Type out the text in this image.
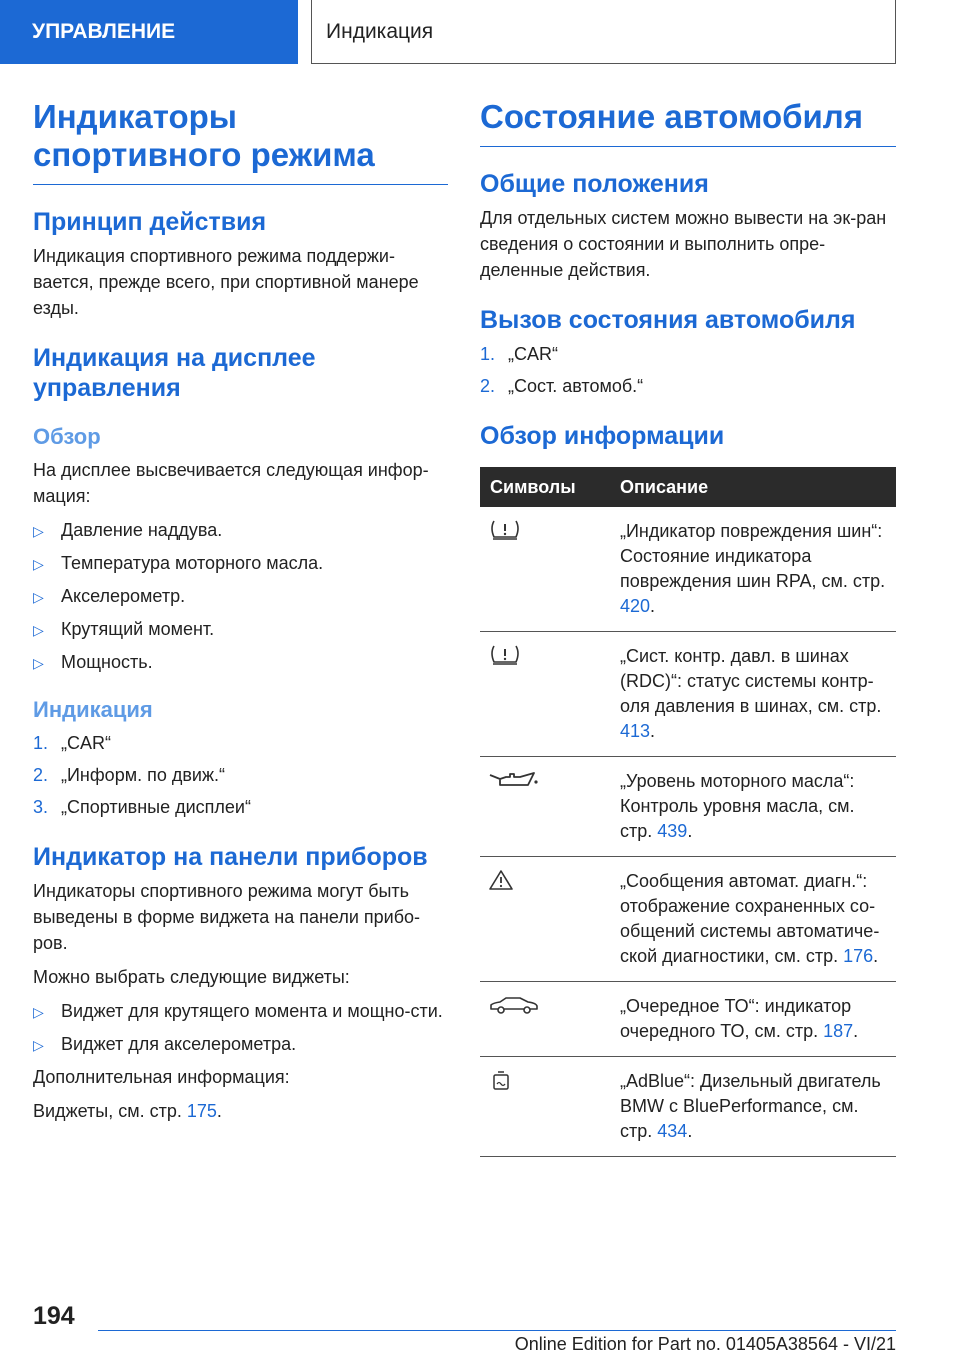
УПРАВЛЕНИЕ	Индикация
Индикаторы спортивного режима
Принцип действия

Индикация спортивного режима поддержи-вается, прежде всего, при спортивной манере езды.

Индикация на дисплее управления
Обзор

На дисплее высвечивается следующая инфор-мация:

▷ Давление наддува.
▷ Температура моторного масла.
▷ Акселерометр.
▷ Крутящий момент.
▷ Мощность.
Индикация
1. „CAR“
2. „Информ. по движ.“
3. „Спортивные дисплеи“
Индикатор на панели приборов

Индикаторы спортивного режима могут быть выведены в форме виджета на панели прибо-ров.

Можно выбрать следующие виджеты:

▷ Виджет для крутящего момента и мощно-сти.
▷ Виджет для акселерометра.

Дополнительная информация:

Виджеты, см. стр. 175.

Состояние автомобиля
Общие положения

Для отдельных систем можно вывести на эк-ран сведения о состоянии и выполнить опре-деленные действия.

Вызов состояния автомобиля
1. „CAR“
2. „Сост. автомоб.“
Обзор информации
Символы	Описание
	„Индикатор повреждения шин“: Состояние индикатора повреждения шин RPA, см. стр. 420.
	„Сист. контр. давл. в шинах (RDC)“: статус системы контр-оля давления в шинах, см. стр. 413.
	„Уровень моторного масла“: Контроль уровня масла, см. стр. 439.
	„Сообщения автомат. диагн.“: отображение сохраненных со-общений системы автоматиче-ской диагностики, см. стр. 176.
	„Очередное ТО“: индикатор очередного ТО, см. стр. 187.
	„AdBlue“: Дизельный двигатель BMW с BluePerformance, см. стр. 434.
194
Online Edition for Part no. 01405A38564 - VI/21
